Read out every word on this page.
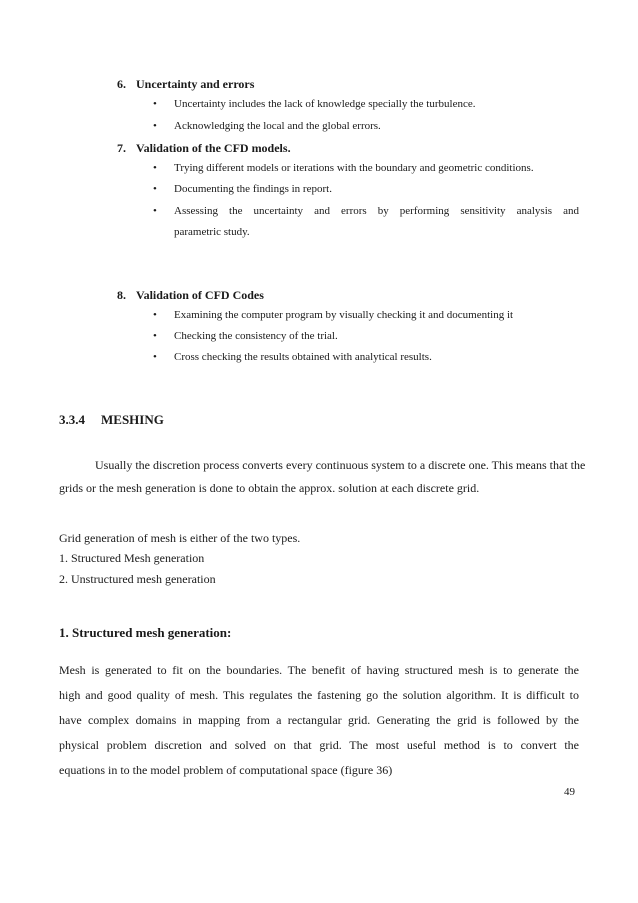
6. Uncertainty and errors
• Uncertainty includes the lack of knowledge specially the turbulence.
• Acknowledging the local and the global errors.
7. Validation of the CFD models.
• Trying different models or iterations with the boundary and geometric conditions.
• Documenting the findings in report.
• Assessing the uncertainty and errors by performing sensitivity analysis and
parametric study.
8. Validation of CFD Codes
• Examining the computer program by visually checking it and documenting it
• Checking the consistency of the trial.
• Cross checking the results obtained with analytical results.
3.3.4 MESHING
Usually the discretion process converts every continuous system to a discrete one. This means that the
grids or the mesh generation is done to obtain the approx. solution at each discrete grid.
Grid generation of mesh is either of the two types.
1. Structured Mesh generation
2. Unstructured mesh generation
1. Structured mesh generation:
Mesh is generated to fit on the boundaries. The benefit of having structured mesh is to generate the
high and good quality of mesh. This regulates the fastening go the solution algorithm. It is difficult to
have complex domains in mapping from a rectangular grid. Generating the grid is followed by the
physical problem discretion and solved on that grid. The most useful method is to convert the
equations in to the model problem of computational space (figure 36)
49
